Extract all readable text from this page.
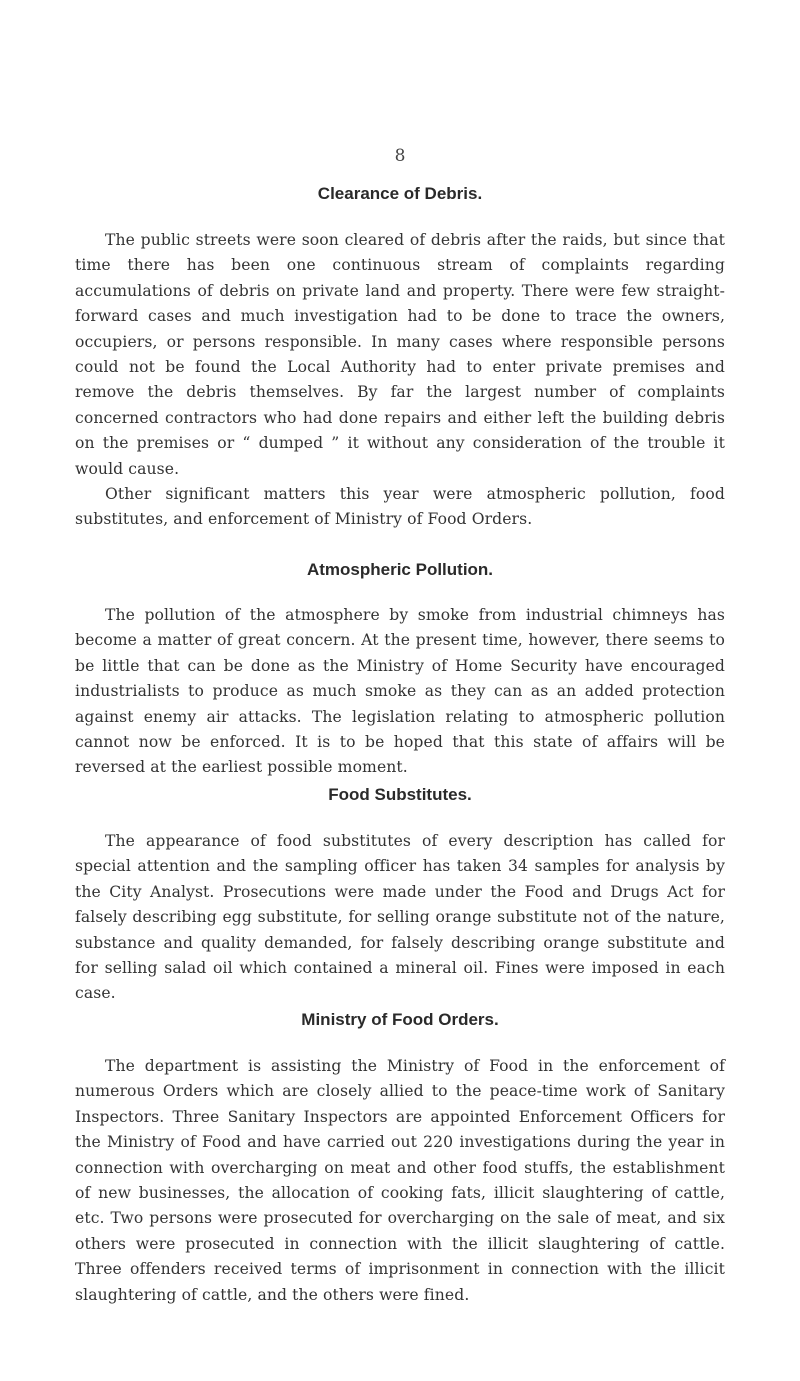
8
Clearance of Debris.

The public streets were soon cleared of debris after the raids, but since that time there has been one continuous stream of complaints regarding accumulations of debris on private land and property. There were few straight-forward cases and much investigation had to be done to trace the owners, occupiers, or persons responsible. In many cases where responsible persons could not be found the Local Authority had to enter private premises and remove the debris themselves. By far the largest number of complaints concerned contractors who had done repairs and either left the building debris on the premises or “ dumped ” it without any consideration of the trouble it would cause.

Other significant matters this year were atmospheric pollution, food substitutes, and enforcement of Ministry of Food Orders.

Atmospheric Pollution.

The pollution of the atmosphere by smoke from industrial chimneys has become a matter of great concern. At the present time, however, there seems to be little that can be done as the Ministry of Home Security have encouraged industrialists to produce as much smoke as they can as an added protection against enemy air attacks. The legislation relating to atmospheric pollution cannot now be enforced. It is to be hoped that this state of affairs will be reversed at the earliest possible moment.

Food Substitutes.

The appearance of food substitutes of every description has called for special attention and the sampling officer has taken 34 samples for analysis by the City Analyst. Prosecutions were made under the Food and Drugs Act for falsely describing egg substitute, for selling orange substitute not of the nature, substance and quality demanded, for falsely describing orange substitute and for selling salad oil which contained a mineral oil. Fines were imposed in each case.

Ministry of Food Orders.

The department is assisting the Ministry of Food in the enforcement of numerous Orders which are closely allied to the peace-time work of Sanitary Inspectors. Three Sanitary Inspectors are appointed Enforcement Officers for the Ministry of Food and have carried out 220 investigations during the year in connection with overcharging on meat and other food stuffs, the establishment of new businesses, the allocation of cooking fats, illicit slaughtering of cattle, etc. Two persons were prosecuted for overcharging on the sale of meat, and six others were prosecuted in connection with the illicit slaughtering of cattle. Three offenders received terms of imprisonment in connection with the illicit slaughtering of cattle, and the others were fined.
